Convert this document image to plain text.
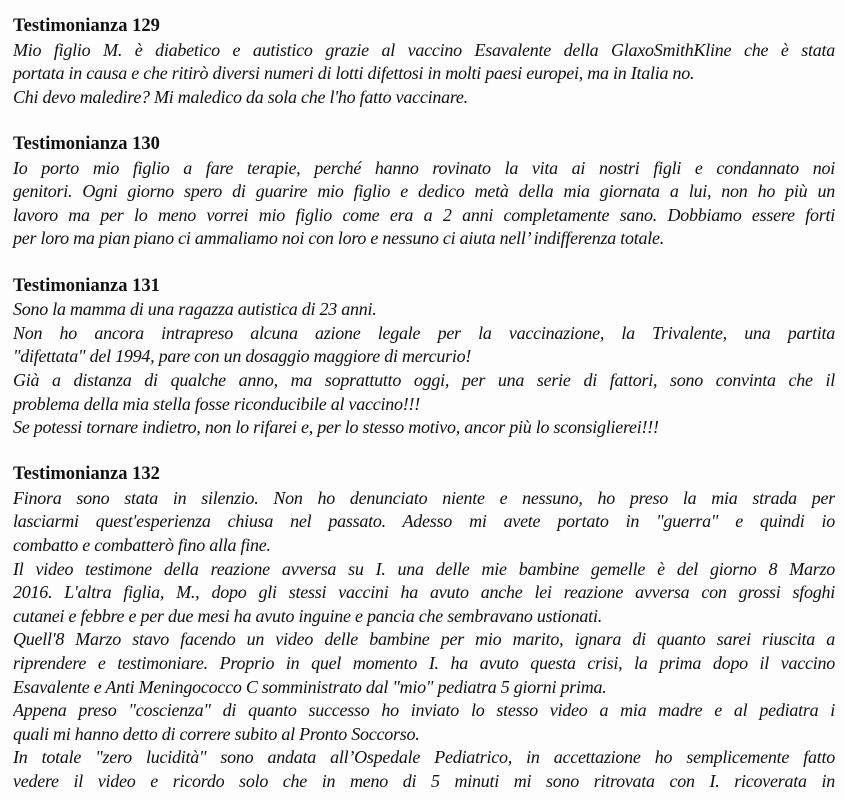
Testimonianza 129
Mio figlio M. è diabetico e autistico grazie al vaccino Esavalente della GlaxoSmithKline che è stata
portata in causa e che ritirò diversi numeri di lotti difettosi in molti paesi europei, ma in Italia no.
Chi devo maledire? Mi maledico da sola che l'ho fatto vaccinare.
Testimonianza 130
Io porto mio figlio a fare terapie, perché hanno rovinato la vita ai nostri figli e condannato noi
genitori. Ogni giorno spero di guarire mio figlio e dedico metà della mia giornata a lui, non ho più un
lavoro ma per lo meno vorrei mio figlio come era a 2 anni completamente sano. Dobbiamo essere forti
per loro ma pian piano ci ammaliamo noi con loro e nessuno ci aiuta nell’ indifferenza totale.
Testimonianza 131
Sono la mamma di una ragazza autistica di 23 anni.
Non ho ancora intrapreso alcuna azione legale per la vaccinazione, la Trivalente, una partita
"difettata" del 1994, pare con un dosaggio maggiore di mercurio!
Già a distanza di qualche anno, ma soprattutto oggi, per una serie di fattori, sono convinta che il
problema della mia stella fosse riconducibile al vaccino!!!
Se potessi tornare indietro, non lo rifarei e, per lo stesso motivo, ancor più lo sconsiglierei!!!
Testimonianza 132
Finora sono stata in silenzio. Non ho denunciato niente e nessuno, ho preso la mia strada per
lasciarmi quest'esperienza chiusa nel passato. Adesso mi avete portato in "guerra" e quindi io
combatto e combatterò fino alla fine.
Il video testimone della reazione avversa su I. una delle mie bambine gemelle è del giorno 8 Marzo
2016. L'altra figlia, M., dopo gli stessi vaccini ha avuto anche lei reazione avversa con grossi sfoghi
cutanei e febbre e per due mesi ha avuto inguine e pancia che sembravano ustionati.
Quell'8 Marzo stavo facendo un video delle bambine per mio marito, ignara di quanto sarei riuscita a
riprendere e testimoniare. Proprio in quel momento I. ha avuto questa crisi, la prima dopo il vaccino
Esavalente e Anti Meningococco C somministrato dal "mio" pediatra 5 giorni prima.
Appena preso "coscienza" di quanto successo ho inviato lo stesso video a mia madre e al pediatra i
quali mi hanno detto di correre subito al Pronto Soccorso.
In totale "zero lucidità" sono andata all’Ospedale Pediatrico, in accettazione ho semplicemente fatto
vedere il video e ricordo solo che in meno di 5 minuti mi sono ritrovata con I. ricoverata in
